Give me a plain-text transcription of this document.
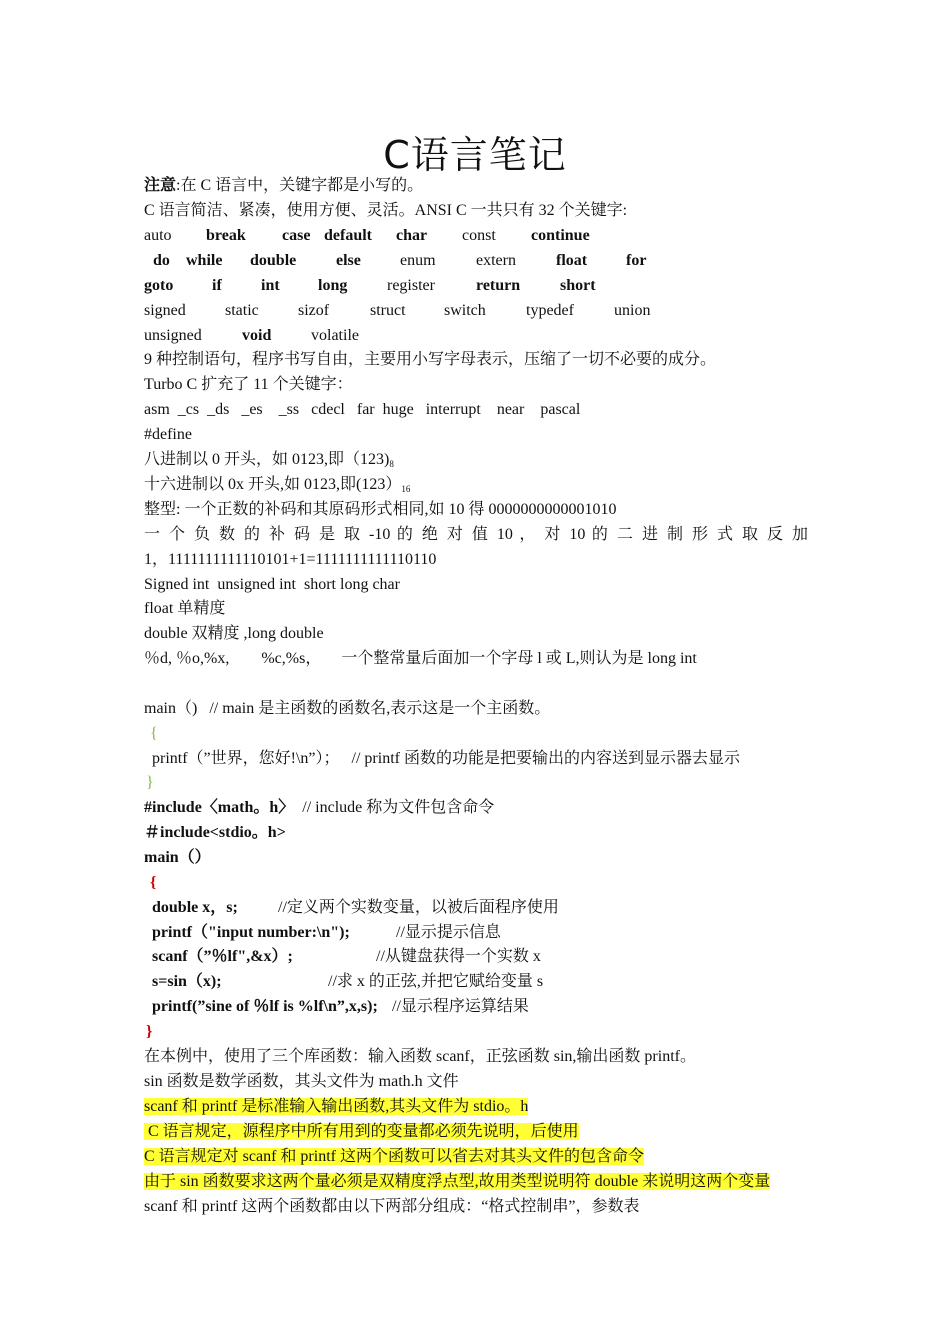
C语言笔记
注意:在 C 语言中，关键字都是小写的。
C 语言简洁、紧凑，使用方便、灵活。ANSI C 一共只有 32 个关键字:
auto break case default char const continue
do while double else enum	extern	float for
goto if int long register	return short
signed static sizof	struct switch	typedef	union
unsigned	void volatile
9 种控制语句，程序书写自由，主要用小写字母表示，压缩了一切不必要的成分。
Turbo C 扩充了 11 个关键字：
asm  _cs  _ds   _es    _ss   cdecl   far  huge   interrupt    near    pascal
#define
八进制以 0 开头，如 0123,即$(123)_8$
十六进制以 0x 开头,如 0123,即$(123)_{16}$
整型: 一个正数的补码和其原码形式相同,如 10 得 0000000000001010
一 个 负 数 的 补 码 是 取 -10 的 绝 对 值 10 ， 对 10 的 二 进 制 形 式 取 反 加
1，1111111111110101+1=1111111111110110
Signed int  unsigned int  short long char
float 单精度
double 双精度 ,long double
％d, ％o,%x,        %c,%s，     一个整常量后面加一个字母 l 或 L,则认为是 long int
main（)   // main 是主函数的函数名,表示这是一个主函数。
{
printf（”世界，您好!\n”）；   // printf 函数的功能是把要输出的内容送到显示器去显示
}
#include〈math。h〉  // include 称为文件包含命令
＃include<stdio。h>
main（）
{
double x，s;	//定义两个实数变量，以被后面程序使用
printf（"input number:\n");	//显示提示信息
scanf（”％lf",&x）;	//从键盘获得一个实数 x
s=sin（x);	//求 x 的正弦,并把它赋给变量 s
printf(”sine of ％lf is %lf\n”,x,s); //显示程序运算结果
}
在本例中，使用了三个库函数：输入函数 scanf，正弦函数 sin,输出函数 printf。
sin 函数是数学函数，其头文件为 math.h 文件
scanf 和 printf 是标准输入输出函数,其头文件为 stdio。h
C 语言规定，源程序中所有用到的变量都必须先说明，后使用
C 语言规定对 scanf 和 printf 这两个函数可以省去对其头文件的包含命令
由于 sin 函数要求这两个量必须是双精度浮点型,故用类型说明符 double 来说明这两个变量
scanf 和 printf 这两个函数都由以下两部分组成：“格式控制串”，参数表
